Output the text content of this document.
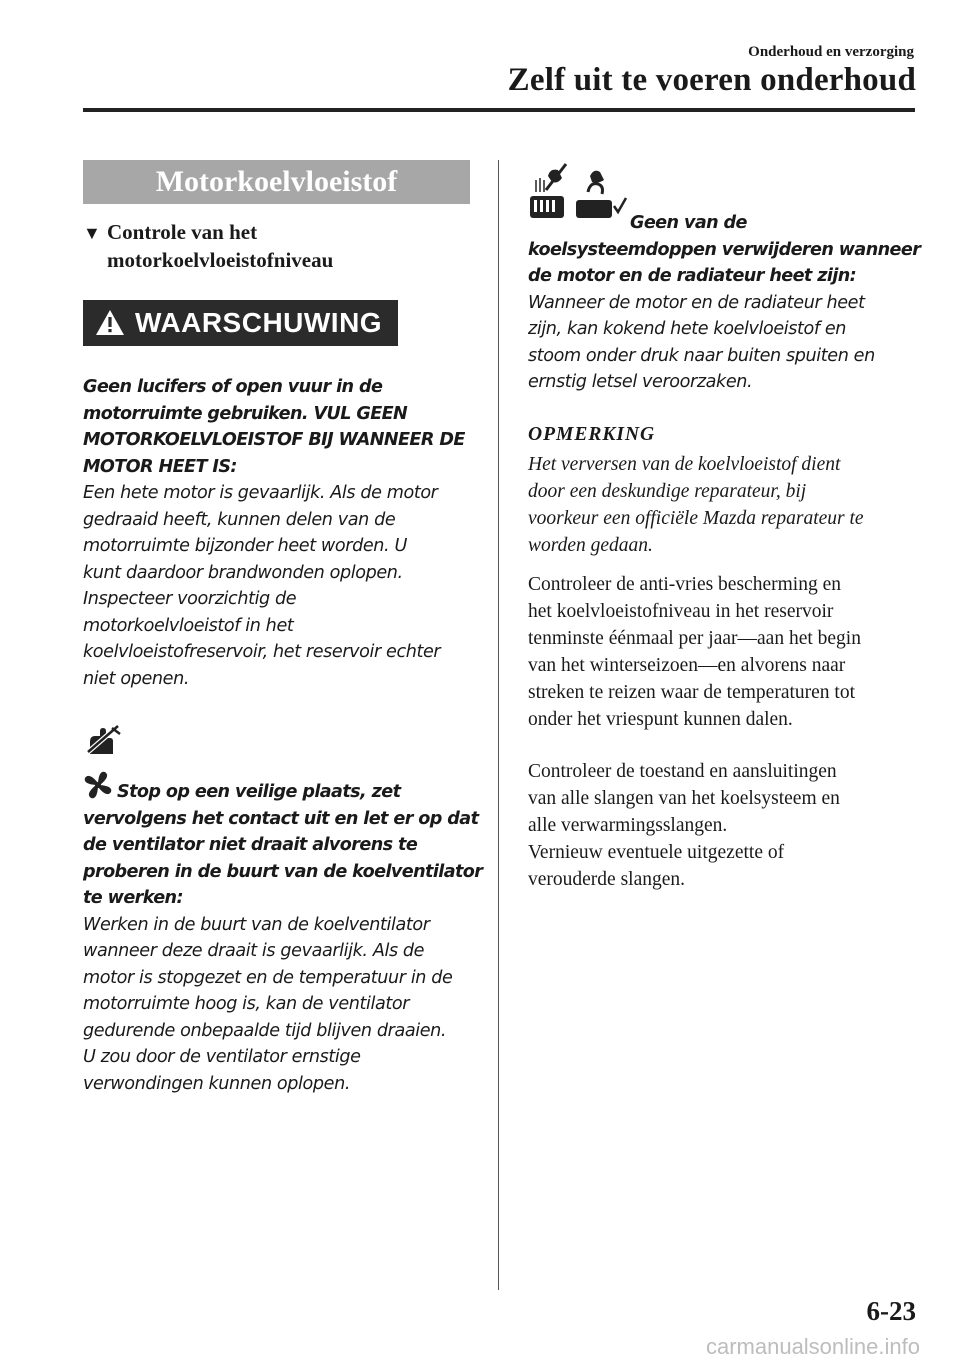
Onderhoud en verzorging
Zelf uit te voeren onderhoud
Motorkoelvloeistof
▼ Controle van het
motorkoelvloeistofniveau
WAARSCHUWING
Geen lucifers of open vuur in de
motorruimte gebruiken. VUL GEEN
MOTORKOELVLOEISTOF BIJ WANNEER DE
MOTOR HEET IS:
Een hete motor is gevaarlijk. Als de motor
gedraaid heeft, kunnen delen van de
motorruimte bijzonder heet worden. U
kunt daardoor brandwonden oplopen.
Inspecteer voorzichtig de
motorkoelvloeistof in het
koelvloeistofreservoir, het reservoir echter
niet openen.
Stop op een veilige plaats, zet
vervolgens het contact uit en let er op dat
de ventilator niet draait alvorens te
proberen in de buurt van de koelventilator
te werken:
Werken in de buurt van de koelventilator
wanneer deze draait is gevaarlijk. Als de
motor is stopgezet en de temperatuur in de
motorruimte hoog is, kan de ventilator
gedurende onbepaalde tijd blijven draaien.
U zou door de ventilator ernstige
verwondingen kunnen oplopen.
Geen van de
koelsysteemdoppen verwijderen wanneer
de motor en de radiateur heet zijn:
Wanneer de motor en de radiateur heet
zijn, kan kokend hete koelvloeistof en
stoom onder druk naar buiten spuiten en
ernstig letsel veroorzaken.
OPMERKING
Het verversen van de koelvloeistof dient
door een deskundige reparateur, bij
voorkeur een officiële Mazda reparateur te
worden gedaan.
Controleer de anti-vries bescherming en
het koelvloeistofniveau in het reservoir
tenminste éénmaal per jaar—aan het begin
van het winterseizoen—en alvorens naar
streken te reizen waar de temperaturen tot
onder het vriespunt kunnen dalen.
Controleer de toestand en aansluitingen
van alle slangen van het koelsysteem en
alle verwarmingsslangen.
Vernieuw eventuele uitgezette of
verouderde slangen.
6-23
carmanualsonline.info
